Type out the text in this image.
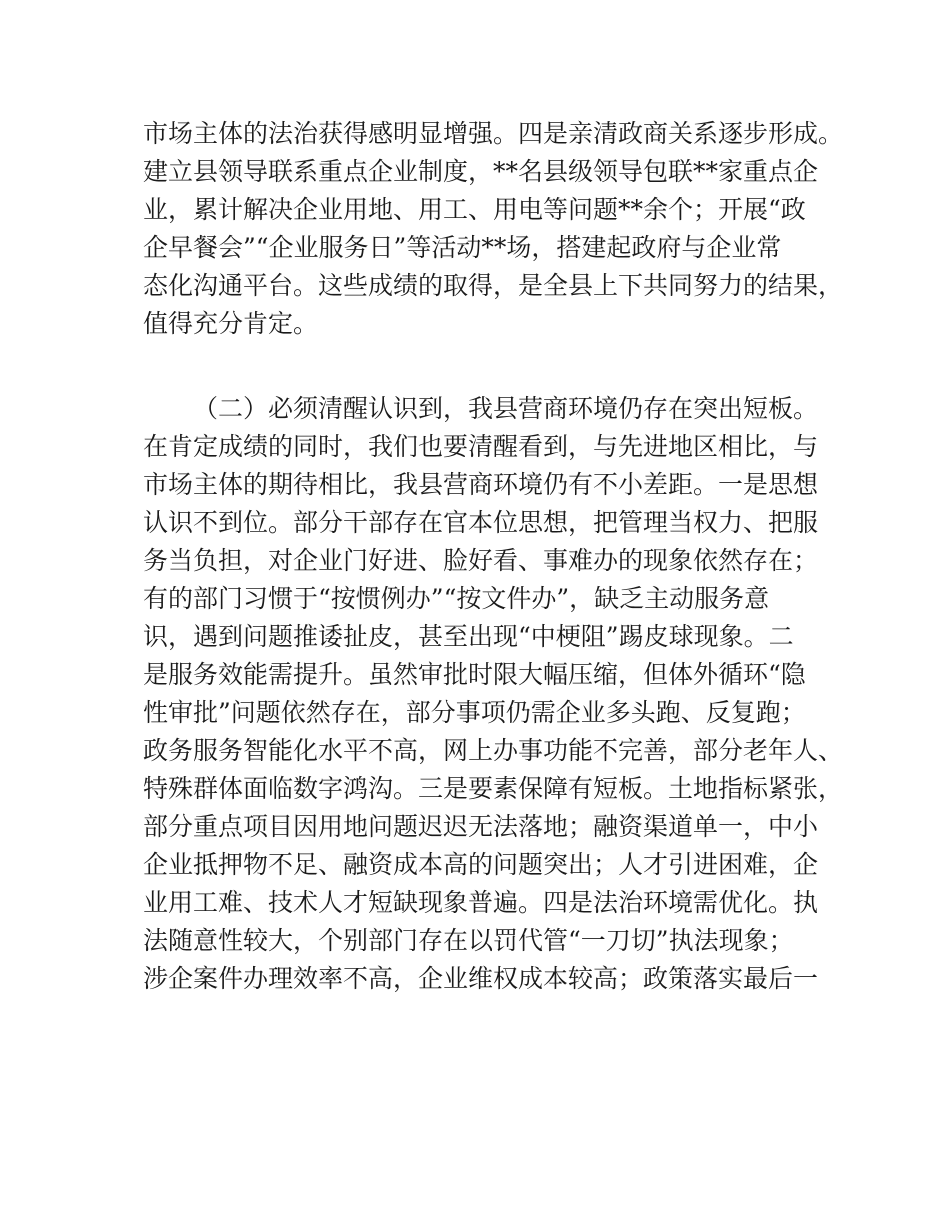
市场主体的法治获得感明显增强。四是亲清政商关系逐步形成。
建立县领导联系重点企业制度，**名县级领导包联**家重点企
业，累计解决企业用地、用工、用电等问题**余个；开展“政
企早餐会”“企业服务日”等活动**场，搭建起政府与企业常
态化沟通平台。这些成绩的取得，是全县上下共同努力的结果，
值得充分肯定。
（二）必须清醒认识到，我县营商环境仍存在突出短板。
在肯定成绩的同时，我们也要清醒看到，与先进地区相比，与
市场主体的期待相比，我县营商环境仍有不小差距。一是思想
认识不到位。部分干部存在官本位思想，把管理当权力、把服
务当负担，对企业门好进、脸好看、事难办的现象依然存在；
有的部门习惯于“按惯例办”“按文件办”，缺乏主动服务意
识，遇到问题推诿扯皮，甚至出现“中梗阻”踢皮球现象。二
是服务效能需提升。虽然审批时限大幅压缩，但体外循环“隐
性审批”问题依然存在，部分事项仍需企业多头跑、反复跑；
政务服务智能化水平不高，网上办事功能不完善，部分老年人、
特殊群体面临数字鸿沟。三是要素保障有短板。土地指标紧张，
部分重点项目因用地问题迟迟无法落地；融资渠道单一，中小
企业抵押物不足、融资成本高的问题突出；人才引进困难，企
业用工难、技术人才短缺现象普遍。四是法治环境需优化。执
法随意性较大，个别部门存在以罚代管“一刀切”执法现象；
涉企案件办理效率不高，企业维权成本较高；政策落实最后一
